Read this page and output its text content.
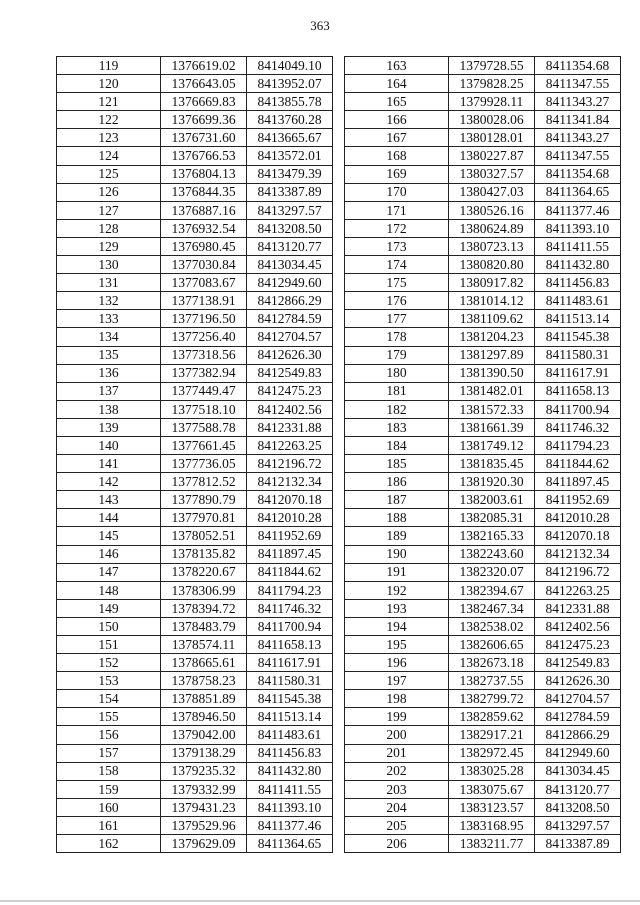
363
119	1376619.02	8414049.10
120	1376643.05	8413952.07
121	1376669.83	8413855.78
122	1376699.36	8413760.28
123	1376731.60	8413665.67
124	1376766.53	8413572.01
125	1376804.13	8413479.39
126	1376844.35	8413387.89
127	1376887.16	8413297.57
128	1376932.54	8413208.50
129	1376980.45	8413120.77
130	1377030.84	8413034.45
131	1377083.67	8412949.60
132	1377138.91	8412866.29
133	1377196.50	8412784.59
134	1377256.40	8412704.57
135	1377318.56	8412626.30
136	1377382.94	8412549.83
137	1377449.47	8412475.23
138	1377518.10	8412402.56
139	1377588.78	8412331.88
140	1377661.45	8412263.25
141	1377736.05	8412196.72
142	1377812.52	8412132.34
143	1377890.79	8412070.18
144	1377970.81	8412010.28
145	1378052.51	8411952.69
146	1378135.82	8411897.45
147	1378220.67	8411844.62
148	1378306.99	8411794.23
149	1378394.72	8411746.32
150	1378483.79	8411700.94
151	1378574.11	8411658.13
152	1378665.61	8411617.91
153	1378758.23	8411580.31
154	1378851.89	8411545.38
155	1378946.50	8411513.14
156	1379042.00	8411483.61
157	1379138.29	8411456.83
158	1379235.32	8411432.80
159	1379332.99	8411411.55
160	1379431.23	8411393.10
161	1379529.96	8411377.46
162	1379629.09	8411364.65
163	1379728.55	8411354.68
164	1379828.25	8411347.55
165	1379928.11	8411343.27
166	1380028.06	8411341.84
167	1380128.01	8411343.27
168	1380227.87	8411347.55
169	1380327.57	8411354.68
170	1380427.03	8411364.65
171	1380526.16	8411377.46
172	1380624.89	8411393.10
173	1380723.13	8411411.55
174	1380820.80	8411432.80
175	1380917.82	8411456.83
176	1381014.12	8411483.61
177	1381109.62	8411513.14
178	1381204.23	8411545.38
179	1381297.89	8411580.31
180	1381390.50	8411617.91
181	1381482.01	8411658.13
182	1381572.33	8411700.94
183	1381661.39	8411746.32
184	1381749.12	8411794.23
185	1381835.45	8411844.62
186	1381920.30	8411897.45
187	1382003.61	8411952.69
188	1382085.31	8412010.28
189	1382165.33	8412070.18
190	1382243.60	8412132.34
191	1382320.07	8412196.72
192	1382394.67	8412263.25
193	1382467.34	8412331.88
194	1382538.02	8412402.56
195	1382606.65	8412475.23
196	1382673.18	8412549.83
197	1382737.55	8412626.30
198	1382799.72	8412704.57
199	1382859.62	8412784.59
200	1382917.21	8412866.29
201	1382972.45	8412949.60
202	1383025.28	8413034.45
203	1383075.67	8413120.77
204	1383123.57	8413208.50
205	1383168.95	8413297.57
206	1383211.77	8413387.89
